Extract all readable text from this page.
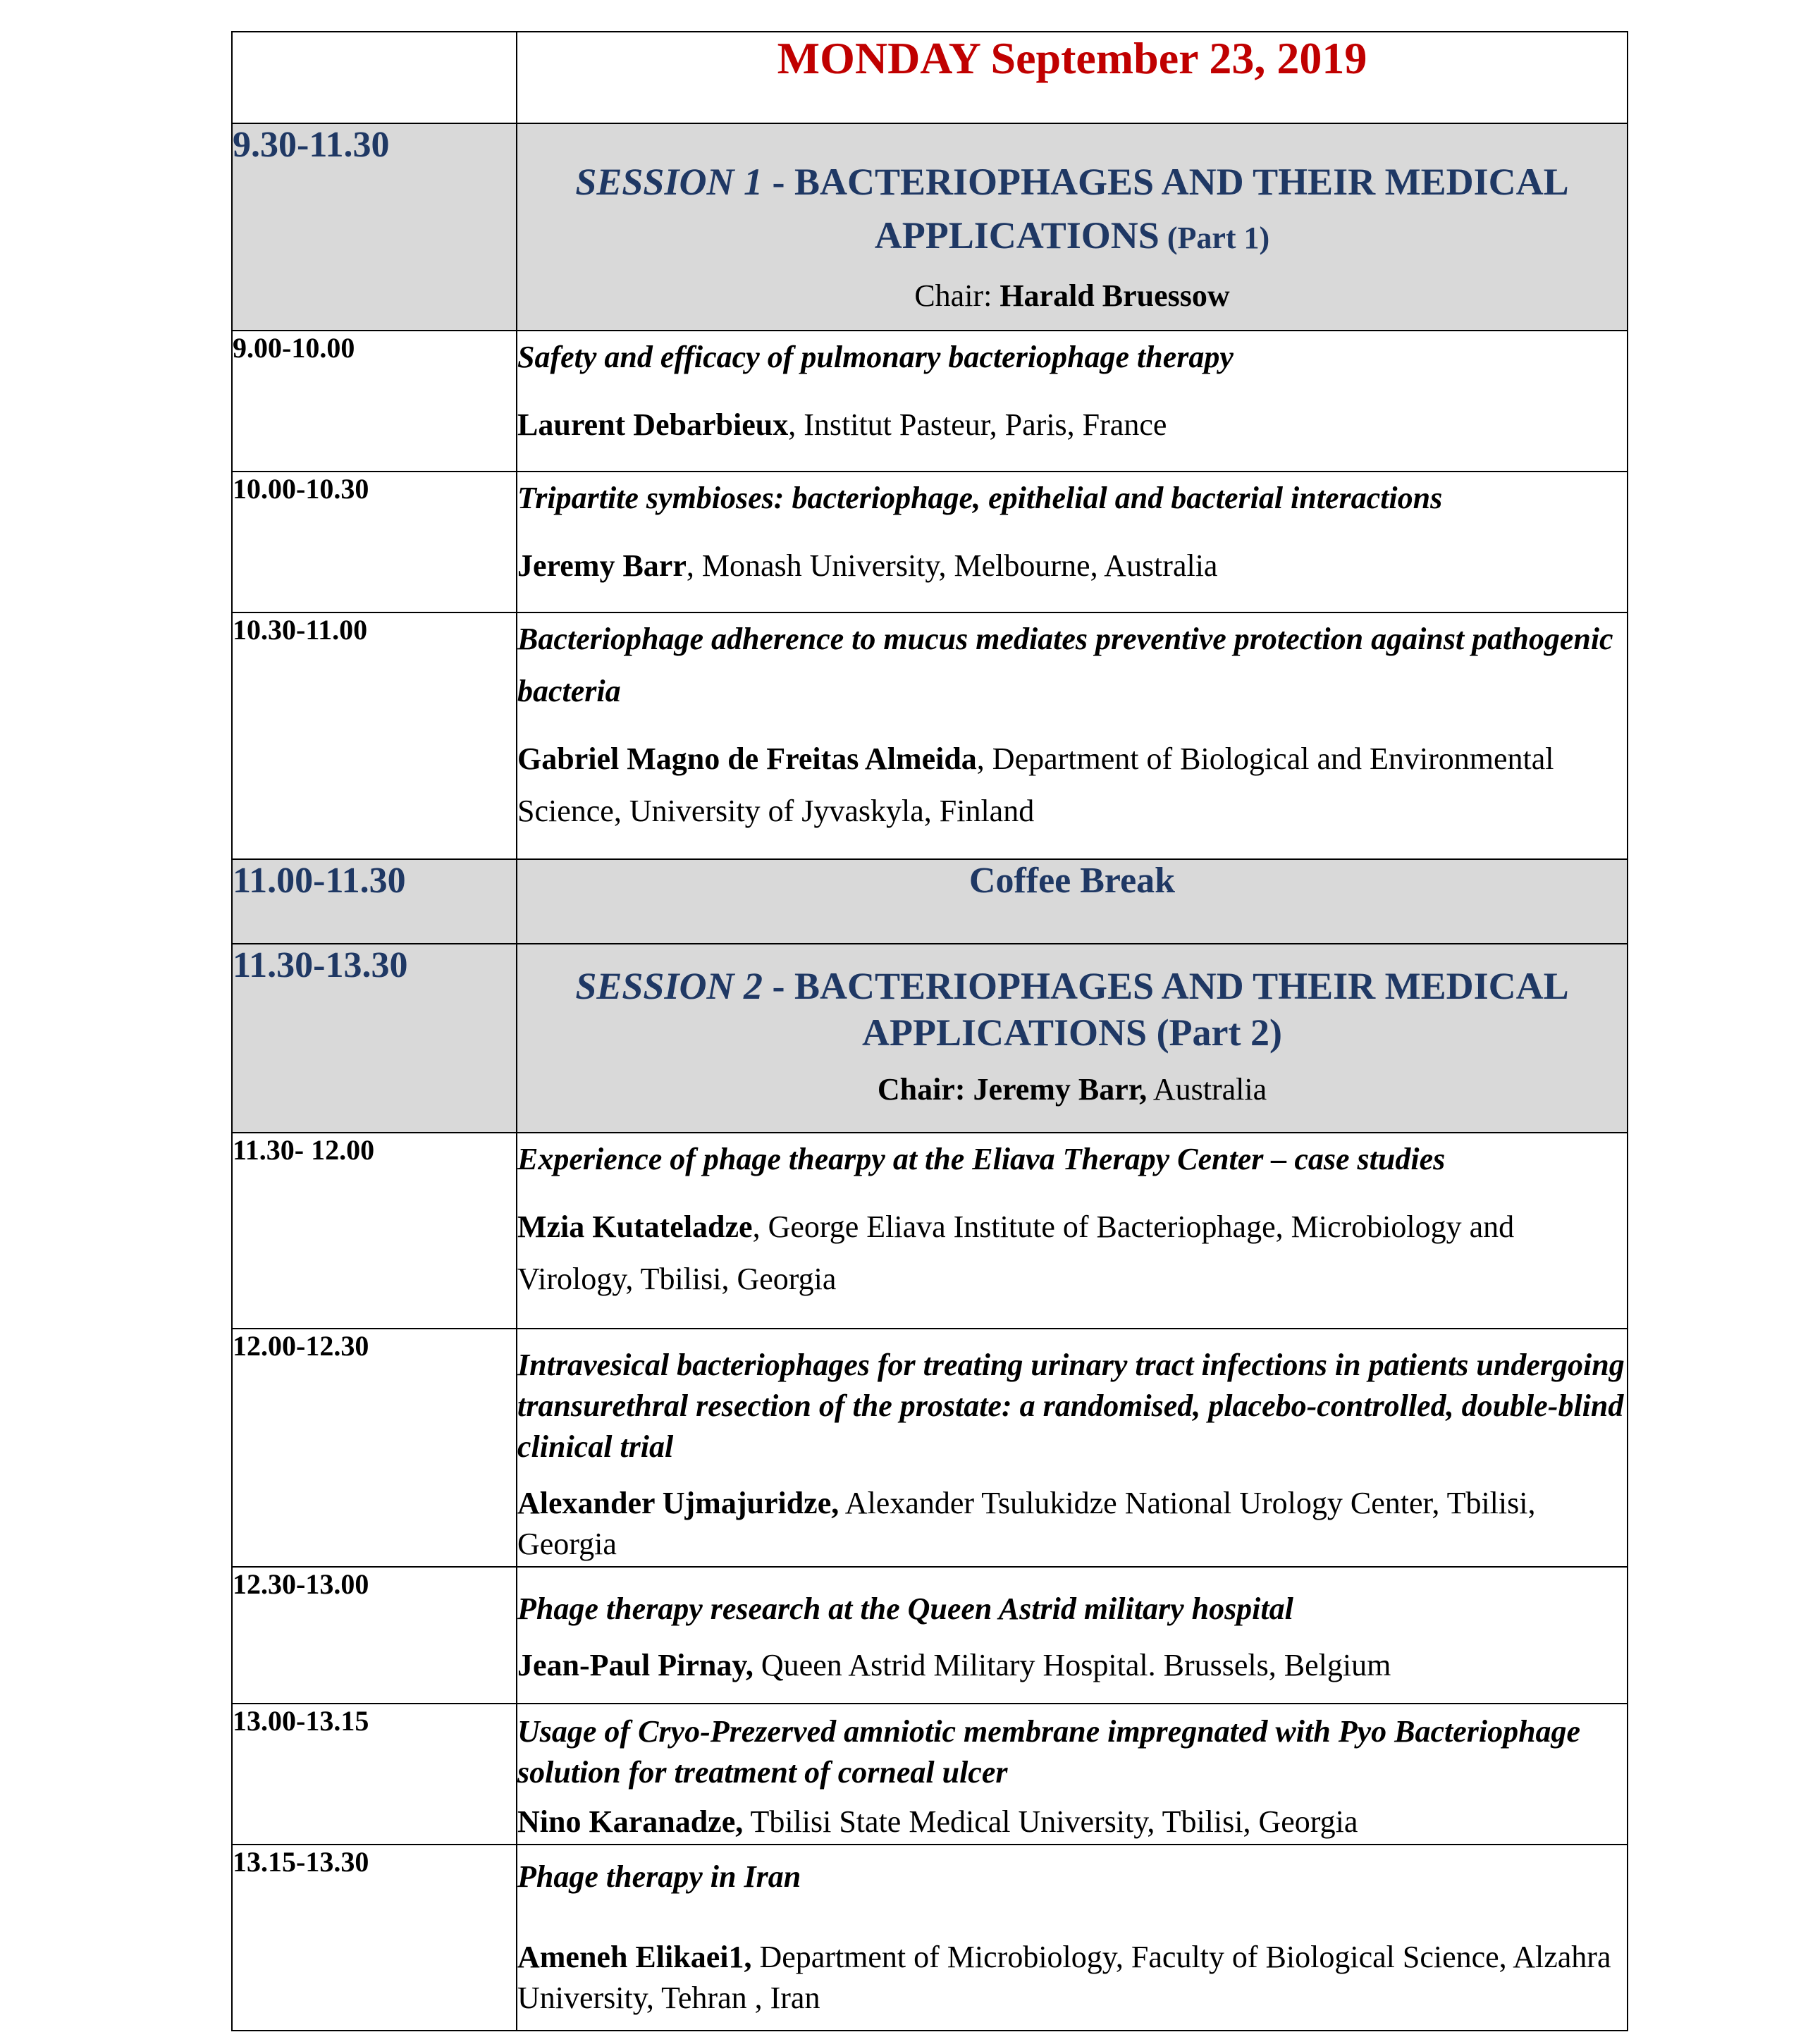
	MONDAY September 23, 2019
9.30-11.30	SESSION 1 - BACTERIOPHAGES AND THEIR MEDICAL APPLICATIONS (Part 1)
Chair: Harald Bruessow

9.00-10.00	Safety and efficacy of pulmonary bacteriophage therapy
Laurent Debarbieux, Institut Pasteur, Paris, France

10.00-10.30	Tripartite symbioses: bacteriophage, epithelial and bacterial interactions
Jeremy Barr, Monash University, Melbourne, Australia

10.30-11.00	Bacteriophage adherence to mucus mediates preventive protection against pathogenic bacteria
Gabriel Magno de Freitas Almeida, Department of Biological and Environmental Science, University of Jyvaskyla, Finland

11.00-11.30	Coffee Break
11.30-13.30	SESSION 2 - BACTERIOPHAGES AND THEIR MEDICAL APPLICATIONS (Part 2)
Chair: Jeremy Barr, Australia

11.30- 12.00	Experience of phage thearpy at the Eliava Therapy Center – case studies
Mzia Kutateladze, George Eliava Institute of Bacteriophage, Microbiology and Virology, Tbilisi, Georgia

12.00-12.30	Intravesical bacteriophages for treating urinary tract infections in patients undergoing transurethral resection of the prostate: a randomised, placebo-controlled, double-blind clinical trial
Alexander Ujmajuridze, Alexander Tsulukidze National Urology Center, Tbilisi, Georgia

12.30-13.00	Phage therapy research at the Queen Astrid military hospital
Jean-Paul Pirnay, Queen Astrid Military Hospital. Brussels, Belgium

13.00-13.15	Usage of Cryo-Prezerved amniotic membrane impregnated with Pyo Bacteriophage solution for treatment of corneal ulcer
Nino Karanadze, Tbilisi State Medical University, Tbilisi, Georgia

13.15-13.30	Phage therapy in Iran
Ameneh Elikaei1, Department of Microbiology, Faculty of Biological Science, Alzahra University, Tehran , Iran
